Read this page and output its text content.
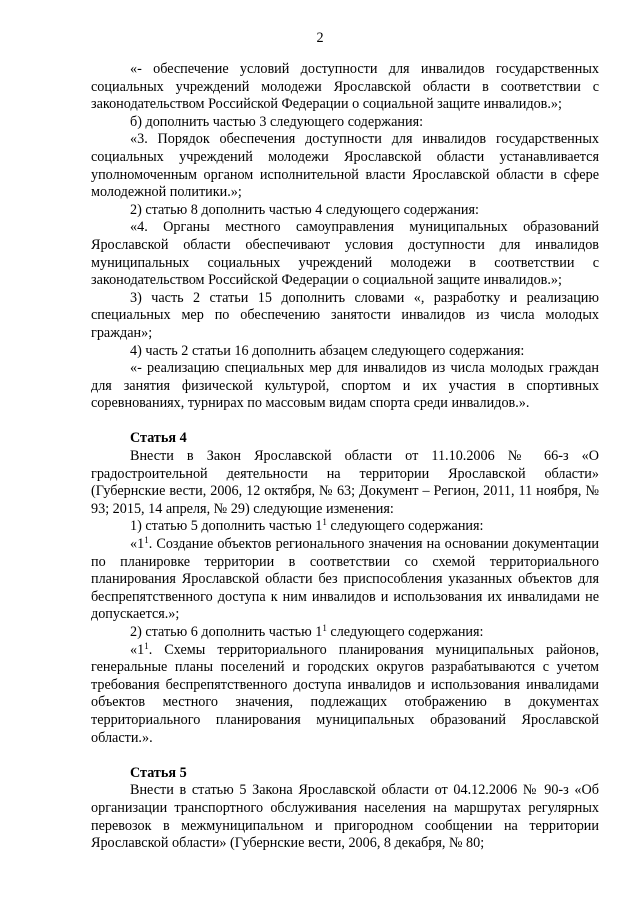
2

«- обеспечение условий доступности для инвалидов государственных социальных учреждений молодежи Ярославской области в соответствии с законодательством Российской Федерации о социальной защите инвалидов.»;

б) дополнить частью 3 следующего содержания:

«3. Порядок обеспечения доступности для инвалидов государственных социальных учреждений молодежи Ярославской области устанавливается уполномоченным органом исполнительной власти Ярославской области в сфере молодежной политики.»;

2) статью 8 дополнить частью 4 следующего содержания:

«4. Органы местного самоуправления муниципальных образований Ярославской области обеспечивают условия доступности для инвалидов муниципальных социальных учреждений молодежи в соответствии с законодательством Российской Федерации о социальной защите инвалидов.»;

3) часть 2 статьи 15 дополнить словами «, разработку и реализацию специальных мер по обеспечению занятости инвалидов из числа молодых граждан»;

4) часть 2 статьи 16 дополнить абзацем следующего содержания:

«- реализацию специальных мер для инвалидов из числа молодых граждан для занятия физической культурой, спортом и их участия в спортивных соревнованиях, турнирах по массовым видам спорта среди инвалидов.».

Статья 4

Внести в Закон Ярославской области от 11.10.2006 № 66-з «О градостроительной деятельности на территории Ярославской области» (Губернские вести, 2006, 12 октября, № 63; Документ – Регион, 2011, 11 ноября, № 93; 2015, 14 апреля, № 29) следующие изменения:

1) статью 5 дополнить частью $1^1$ следующего содержания:

«$1^1$. Создание объектов регионального значения на основании документации по планировке территории в соответствии со схемой территориального планирования Ярославской области без приспособления указанных объектов для беспрепятственного доступа к ним инвалидов и использования их инвалидами не допускается.»;

2) статью 6 дополнить частью $1^1$ следующего содержания:

«$1^1$. Схемы территориального планирования муниципальных районов, генеральные планы поселений и городских округов разрабатываются с учетом требования беспрепятственного доступа инвалидов и использования инвалидами объектов местного значения, подлежащих отображению в документах территориального планирования муниципальных образований Ярославской области.».

Статья 5

Внести в статью 5 Закона Ярославской области от 04.12.2006 № 90-з «Об организации транспортного обслуживания населения на маршрутах регулярных перевозок в межмуниципальном и пригородном сообщении на территории Ярославской области» (Губернские вести, 2006, 8 декабря, № 80;
